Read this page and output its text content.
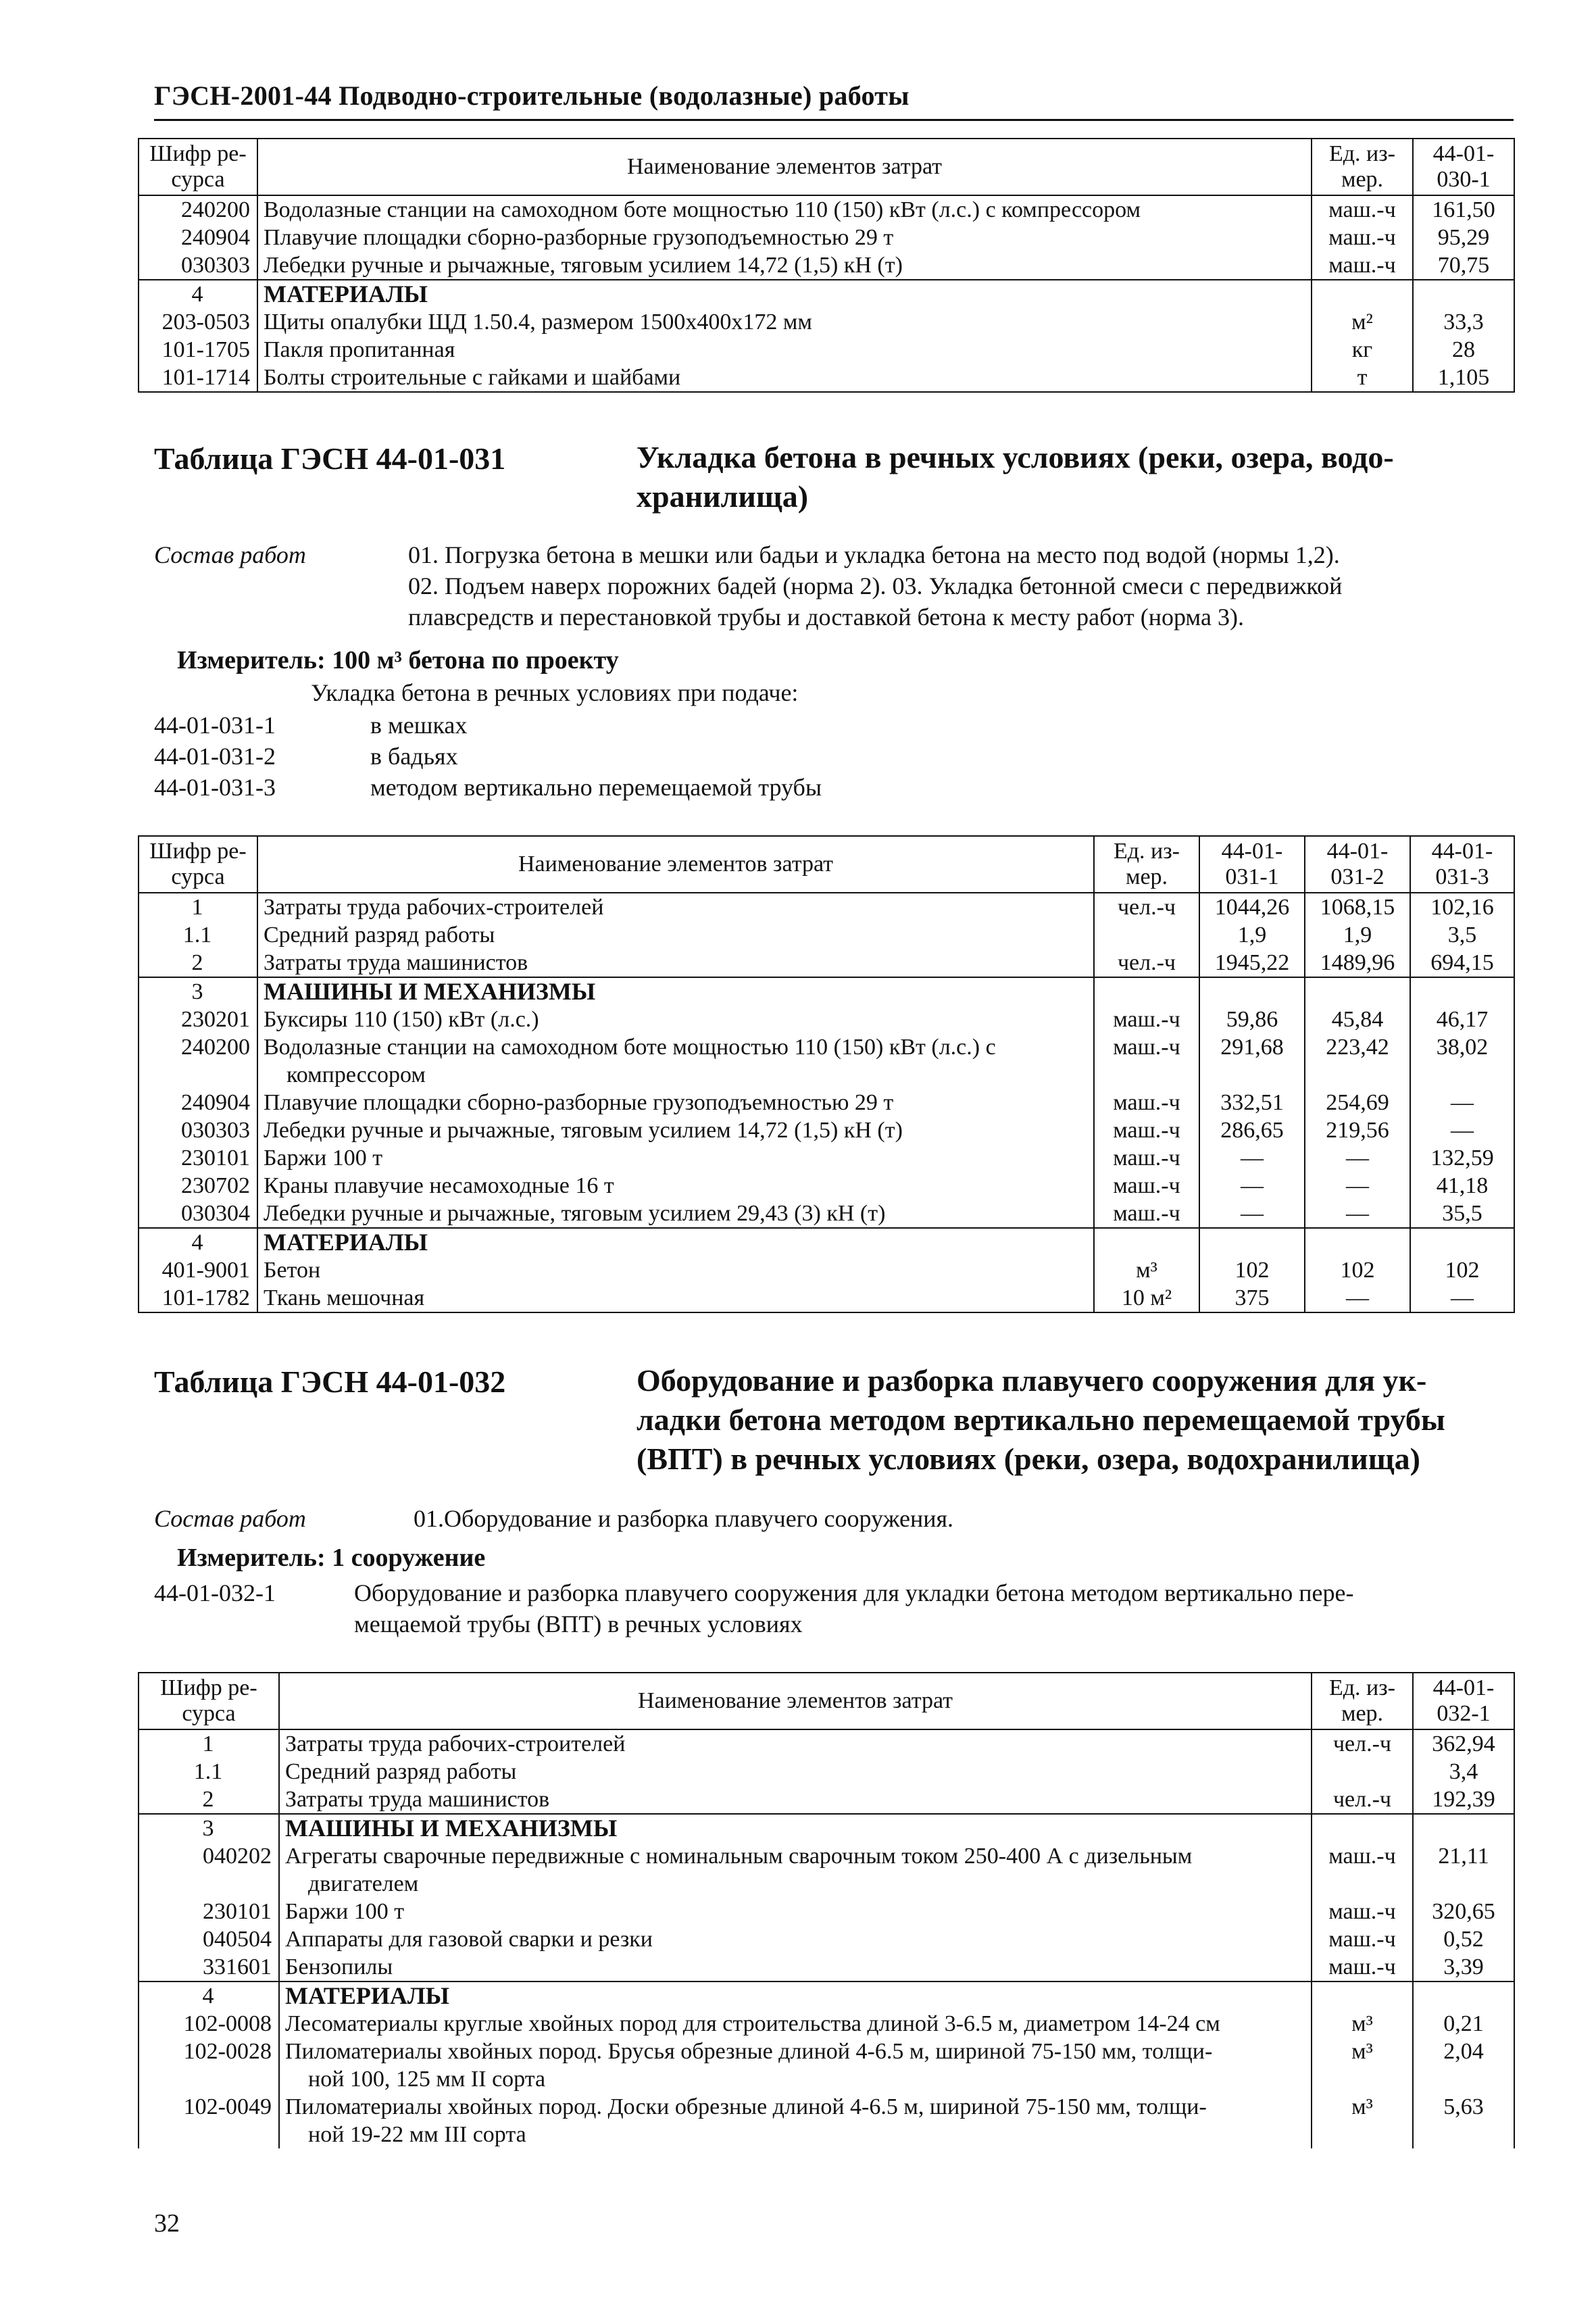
ГЭСН-2001-44 Подводно-строительные (водолазные) работы
Шифр ре-
сурса	Наименование элементов затрат	Ед. из-
мер.	44-01-
030-1
240200	Водолазные станции на самоходном боте мощностью 110 (150) кВт (л.с.) с компрессором	маш.-ч	161,50
240904	Плавучие площадки сборно-разборные грузоподъемностью 29 т	маш.-ч	95,29
030303	Лебедки ручные и рычажные, тяговым усилием 14,72 (1,5) кН (т)	маш.-ч	70,75
4	МАТЕРИАЛЫ		
203-0503	Щиты опалубки ЩД 1.50.4, размером 1500х400х172 мм	м²	33,3
101-1705	Пакля пропитанная	кг	28
101-1714	Болты строительные с гайками и шайбами	т	1,105
Таблица ГЭСН 44-01-031	Укладка бетона в речных условиях (реки, озера, водо-
хранилища)
Состав работ	01. Погрузка бетона в мешки или бадьи и укладка бетона на место под водой (нормы 1,2).
02. Подъем наверх порожних бадей (норма 2). 03. Укладка бетонной смеси с передвижкой
плавсредств и перестановкой трубы и доставкой бетона к месту работ (норма 3).
Измеритель: 100 м³ бетона по проекту
Укладка бетона в речных условиях при подаче:
44-01-031-1	в мешках
44-01-031-2	в бадьях
44-01-031-3	методом вертикально перемещаемой трубы
Шифр ре-
сурса	Наименование элементов затрат	Ед. из-
мер.	44-01-
031-1	44-01-
031-2	44-01-
031-3
1	Затраты труда рабочих-строителей	чел.-ч	1044,26	1068,15	102,16
1.1	Средний разряд работы		1,9	1,9	3,5
2	Затраты труда машинистов	чел.-ч	1945,22	1489,96	694,15
3	МАШИНЫ И МЕХАНИЗМЫ				
230201	Буксиры 110 (150) кВт (л.с.)	маш.-ч	59,86	45,84	46,17
240200	Водолазные станции на самоходном боте мощностью 110 (150) кВт (л.с.) с
компрессором	маш.-ч	291,68	223,42	38,02
240904	Плавучие площадки сборно-разборные грузоподъемностью 29 т	маш.-ч	332,51	254,69	—
030303	Лебедки ручные и рычажные, тяговым усилием 14,72 (1,5) кН (т)	маш.-ч	286,65	219,56	—
230101	Баржи 100 т	маш.-ч	—	—	132,59
230702	Краны плавучие несамоходные 16 т	маш.-ч	—	—	41,18
030304	Лебедки ручные и рычажные, тяговым усилием 29,43 (3) кН (т)	маш.-ч	—	—	35,5
4	МАТЕРИАЛЫ				
401-9001	Бетон	м³	102	102	102
101-1782	Ткань мешочная	10 м²	375	—	—
Таблица ГЭСН 44-01-032	Оборудование и разборка плавучего сооружения для ук-
ладки бетона методом вертикально перемещаемой трубы
(ВПТ) в речных условиях (реки, озера, водохранилища)
Состав работ	01.Оборудование и разборка плавучего сооружения.
Измеритель: 1 сооружение
44-01-032-1	Оборудование и разборка плавучего сооружения для укладки бетона методом вертикально пере-
мещаемой трубы (ВПТ) в речных условиях
Шифр ре-
сурса	Наименование элементов затрат	Ед. из-
мер.	44-01-
032-1
1	Затраты труда рабочих-строителей	чел.-ч	362,94
1.1	Средний разряд работы		3,4
2	Затраты труда машинистов	чел.-ч	192,39
3	МАШИНЫ И МЕХАНИЗМЫ		
040202	Агрегаты сварочные передвижные с номинальным сварочным током 250-400 А с дизельным
двигателем	маш.-ч	21,11
230101	Баржи 100 т	маш.-ч	320,65
040504	Аппараты для газовой сварки и резки	маш.-ч	0,52
331601	Бензопилы	маш.-ч	3,39
4	МАТЕРИАЛЫ		
102-0008	Лесоматериалы круглые хвойных пород для строительства длиной 3-6.5 м, диаметром 14-24 см	м³	0,21
102-0028	Пиломатериалы хвойных пород. Брусья обрезные длиной 4-6.5 м, шириной 75-150 мм, толщи-
ной 100, 125 мм II сорта	м³	2,04
102-0049	Пиломатериалы хвойных пород. Доски обрезные длиной 4-6.5 м, шириной 75-150 мм, толщи-
ной 19-22 мм III сорта	м³	5,63
32
